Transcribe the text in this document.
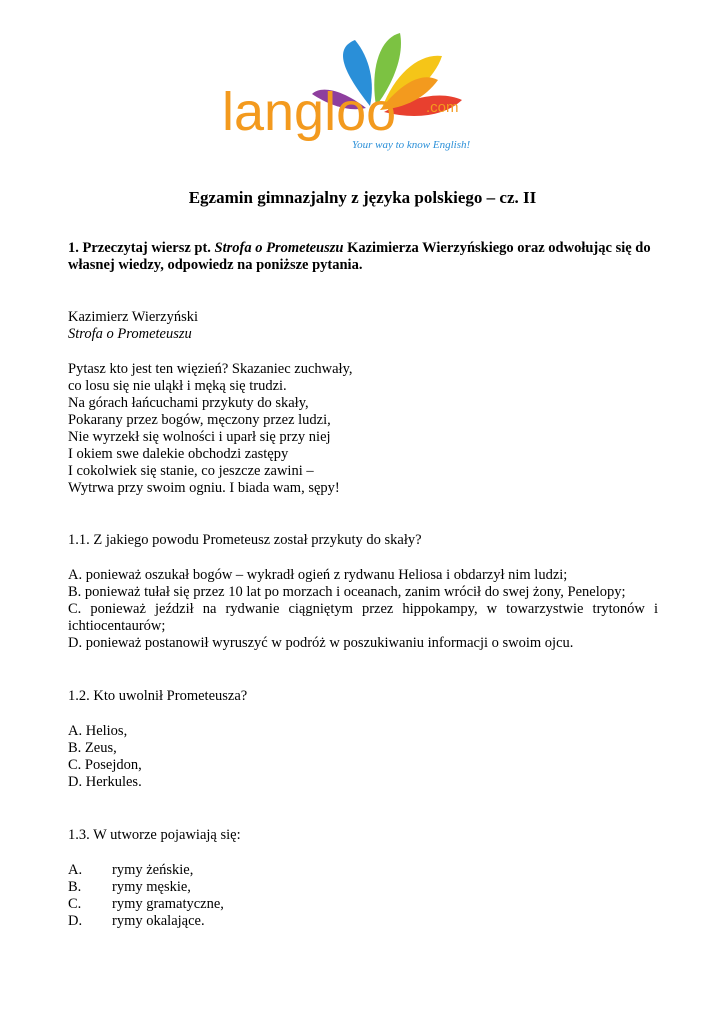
langloo .com
Your way to know English!
Egzamin gimnazjalny z języka polskiego – cz. II

1. Przeczytaj wiersz pt. Strofa o Prometeuszu Kazimierza Wierzyńskiego oraz odwołując się do własnej wiedzy, odpowiedz na poniższe pytania.

Kazimierz Wierzyński

Strofa o Prometeuszu

Pytasz kto jest ten więzień? Skazaniec zuchwały,
co losu się nie uląkł i męką się trudzi.
Na górach łańcuchami przykuty do skały,
Pokarany przez bogów, męczony przez ludzi,
Nie wyrzekł się wolności i uparł się przy niej
I okiem swe dalekie obchodzi zastępy
I cokolwiek się stanie, co jeszcze zawini –
Wytrwa przy swoim ogniu. I biada wam, sępy!

1.1. Z jakiego powodu Prometeusz został przykuty do skały?

A. ponieważ oszukał bogów – wykradł ogień z rydwanu Heliosa i obdarzył nim ludzi;
B. ponieważ tułał się przez 10 lat po morzach i oceanach, zanim wrócił do swej żony, Penelopy;
C. ponieważ jeździł na rydwanie ciągniętym przez hippokampy, w towarzystwie trytonów i ichtiocentaurów;
D. ponieważ postanowił wyruszyć w podróż w poszukiwaniu informacji o swoim ojcu.

1.2. Kto uwolnił Prometeusza?

A. Helios,
B. Zeus,
C. Posejdon,
D. Herkules.

1.3. W utworze pojawiają się:

A.	rymy żeńskie,
B.	rymy męskie,
C.	rymy gramatyczne,
D.	rymy okalające.
